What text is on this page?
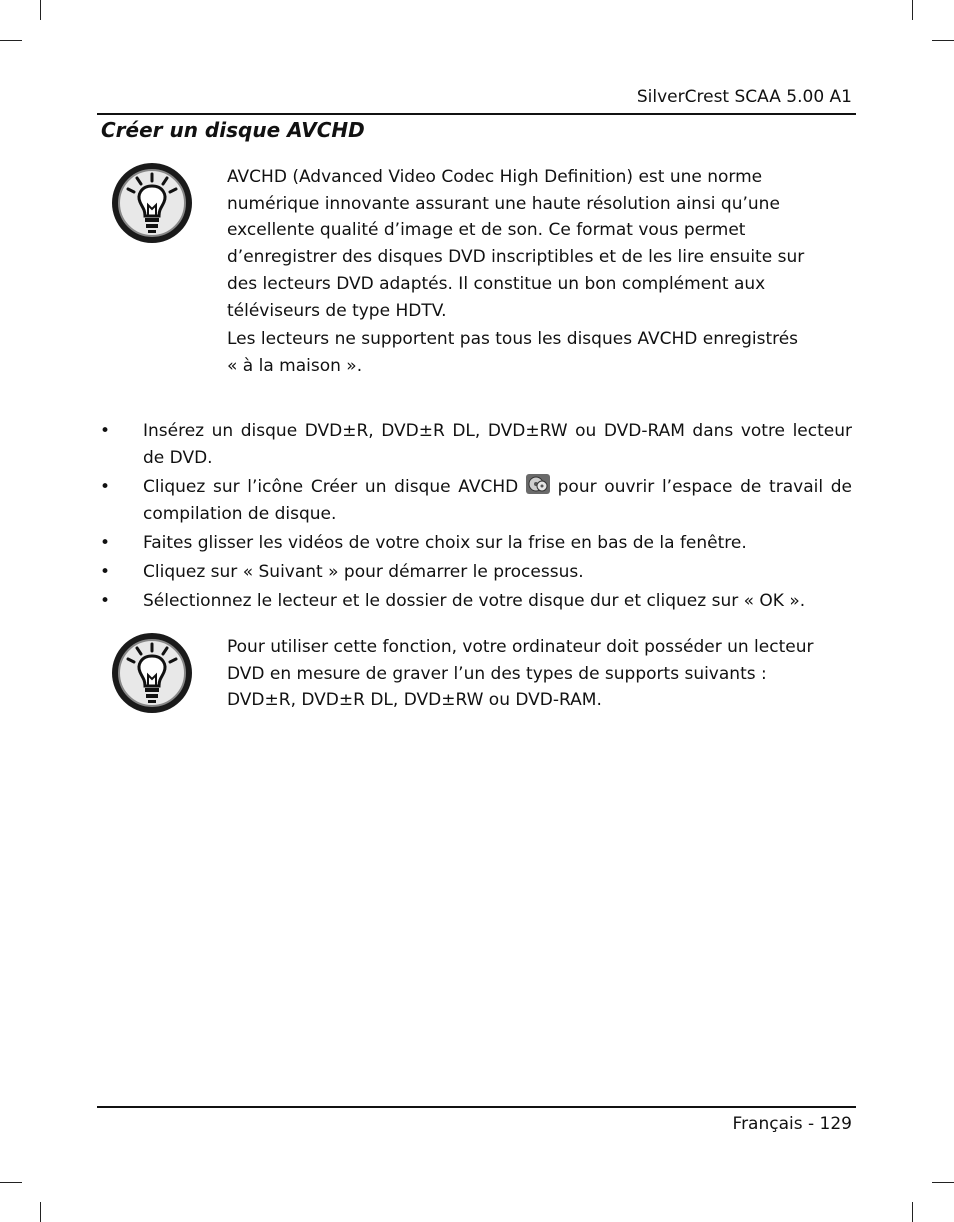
SilverCrest SCAA 5.00 A1
Créer un disque AVCHD

AVCHD (Advanced Video Codec High Definition) est une norme
numérique innovante assurant une haute résolution ainsi qu’une
excellente qualité d’image et de son. Ce format vous permet
d’enregistrer des disques DVD inscriptibles et de les lire ensuite sur
des lecteurs DVD adaptés. Il constitue un bon complément aux
téléviseurs de type HDTV.

Les lecteurs ne supportent pas tous les disques AVCHD enregistrés
« à la maison ».

• Insérez un disque DVD±R, DVD±R DL, DVD±RW ou DVD-RAM dans votre lecteur de DVD.
• Cliquez sur l’icône Créer un disque AVCHD pour ouvrir l’espace de travail de compilation de disque.
• Faites glisser les vidéos de votre choix sur la frise en bas de la fenêtre.
• Cliquez sur « Suivant » pour démarrer le processus.
• Sélectionnez le lecteur et le dossier de votre disque dur et cliquez sur « OK ».

Pour utiliser cette fonction, votre ordinateur doit posséder un lecteur
DVD en mesure de graver l’un des types de supports suivants :
DVD±R, DVD±R DL, DVD±RW ou DVD-RAM.

Français - 129
